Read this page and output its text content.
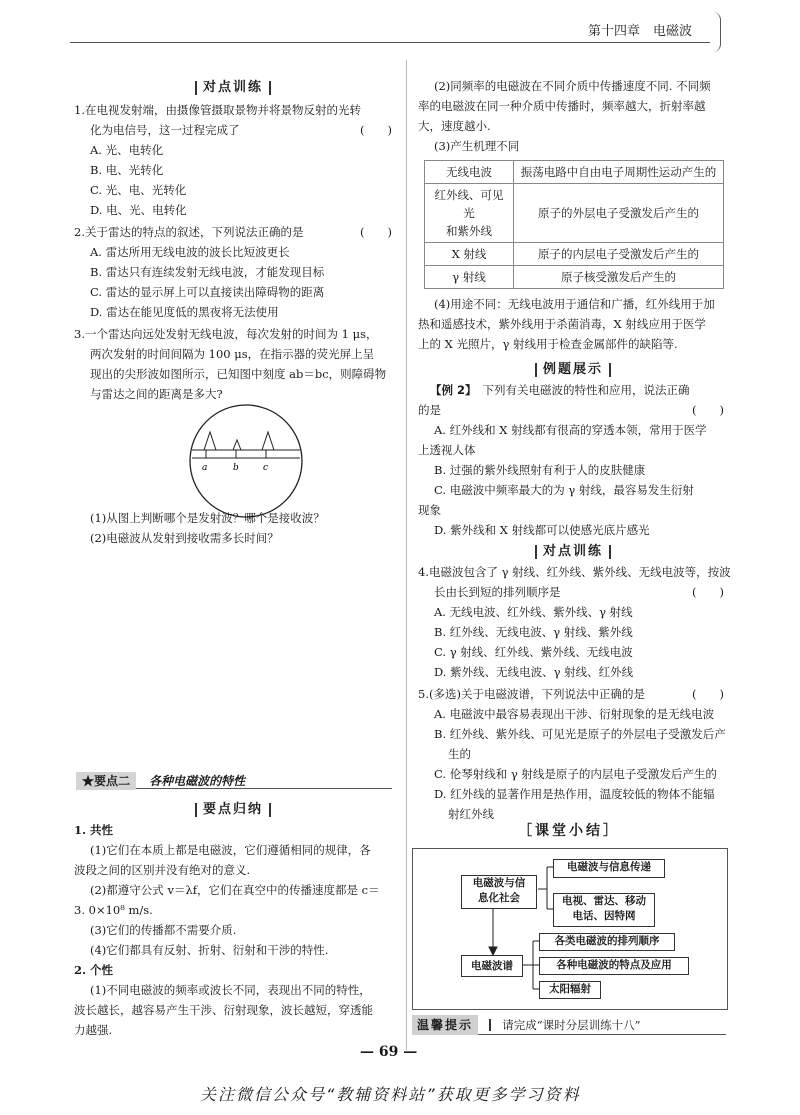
第十四章　电磁波
对点训练
1.在电视发射端，由摄像管摄取景物并将景物反射的光转
化为电信号，这一过程完成了	(　　)
A. 光、电转化
B. 电、光转化
C. 光、电、光转化
D. 电、光、电转化
2.关于雷达的特点的叙述，下列说法正确的是	(　　)
A. 雷达所用无线电波的波长比短波更长
B. 雷达只有连续发射无线电波，才能发现目标
C. 雷达的显示屏上可以直接读出障碍物的距离
D. 雷达在能见度低的黑夜将无法使用
3.一个雷达向远处发射无线电波，每次发射的时间为 1 μs，
两次发射的时间间隔为 100 μs，在指示器的荧光屏上呈
现出的尖形波如图所示，已知图中刻度 ab＝bc，则障碍物
与雷达之间的距离是多大?
a	b	c
(1)从图上判断哪个是发射波？哪个是接收波？
(2)电磁波从发射到接收需多长时间？
★要点二 各种电磁波的特性
要点归纳
1. 共性
(1)它们在本质上都是电磁波，它们遵循相同的规律，各
波段之间的区别并没有绝对的意义.
(2)都遵守公式 v＝λf，它们在真空中的传播速度都是 c＝
3. 0×10⁸ m/s.
(3)它们的传播都不需要介质.
(4)它们都具有反射、折射、衍射和干涉的特性.
2. 个性
(1)不同电磁波的频率或波长不同，表现出不同的特性，
波长越长，越容易产生干涉、衍射现象，波长越短，穿透能
力越强.
(2)同频率的电磁波在不同介质中传播速度不同. 不同频
率的电磁波在同一种介质中传播时，频率越大，折射率越
大，速度越小.
(3)产生机理不同
无线电波	振荡电路中自由电子周期性运动产生的
红外线、可见光
和紫外线	原子的外层电子受激发后产生的
X 射线	原子的内层电子受激发后产生的
γ 射线	原子核受激发后产生的
(4)用途不同：无线电波用于通信和广播，红外线用于加
热和遥感技术，紫外线用于杀菌消毒，X 射线应用于医学
上的 X 光照片，γ 射线用于检查金属部件的缺陷等.
例题展示
【例 2】 下列有关电磁波的特性和应用，说法正确
的是	(　　)
A. 红外线和 X 射线都有很高的穿透本领，常用于医学
上透视人体
B. 过强的紫外线照射有利于人的皮肤健康
C. 电磁波中频率最大的为 γ 射线，最容易发生衍射
现象
D. 紫外线和 X 射线都可以使感光底片感光
对点训练
4.电磁波包含了 γ 射线、红外线、紫外线、无线电波等，按波
长由长到短的排列顺序是	(　　)
A. 无线电波、红外线、紫外线、γ 射线
B. 红外线、无线电波、γ 射线、紫外线
C. γ 射线、红外线、紫外线、无线电波
D. 紫外线、无线电波、γ 射线、红外线
5.(多选)关于电磁波谱，下列说法中正确的是	(　　)
A. 电磁波中最容易表现出干涉、衍射现象的是无线电波
B. 红外线、紫外线、可见光是原子的外层电子受激发后产
生的
C. 伦琴射线和 γ 射线是原子的内层电子受激发后产生的
D. 红外线的显著作用是热作用，温度较低的物体不能辐
射红外线
［课堂小结］
电磁波与信
息化社会
电磁波与信息传递
电视、雷达、移动
电话、因特网
电磁波谱
各类电磁波的排列顺序
各种电磁波的特点及应用
太阳辐射
温馨提示	请完成“课时分层训练十八”
— 69 —
关注微信公众号“教辅资料站”获取更多学习资料
